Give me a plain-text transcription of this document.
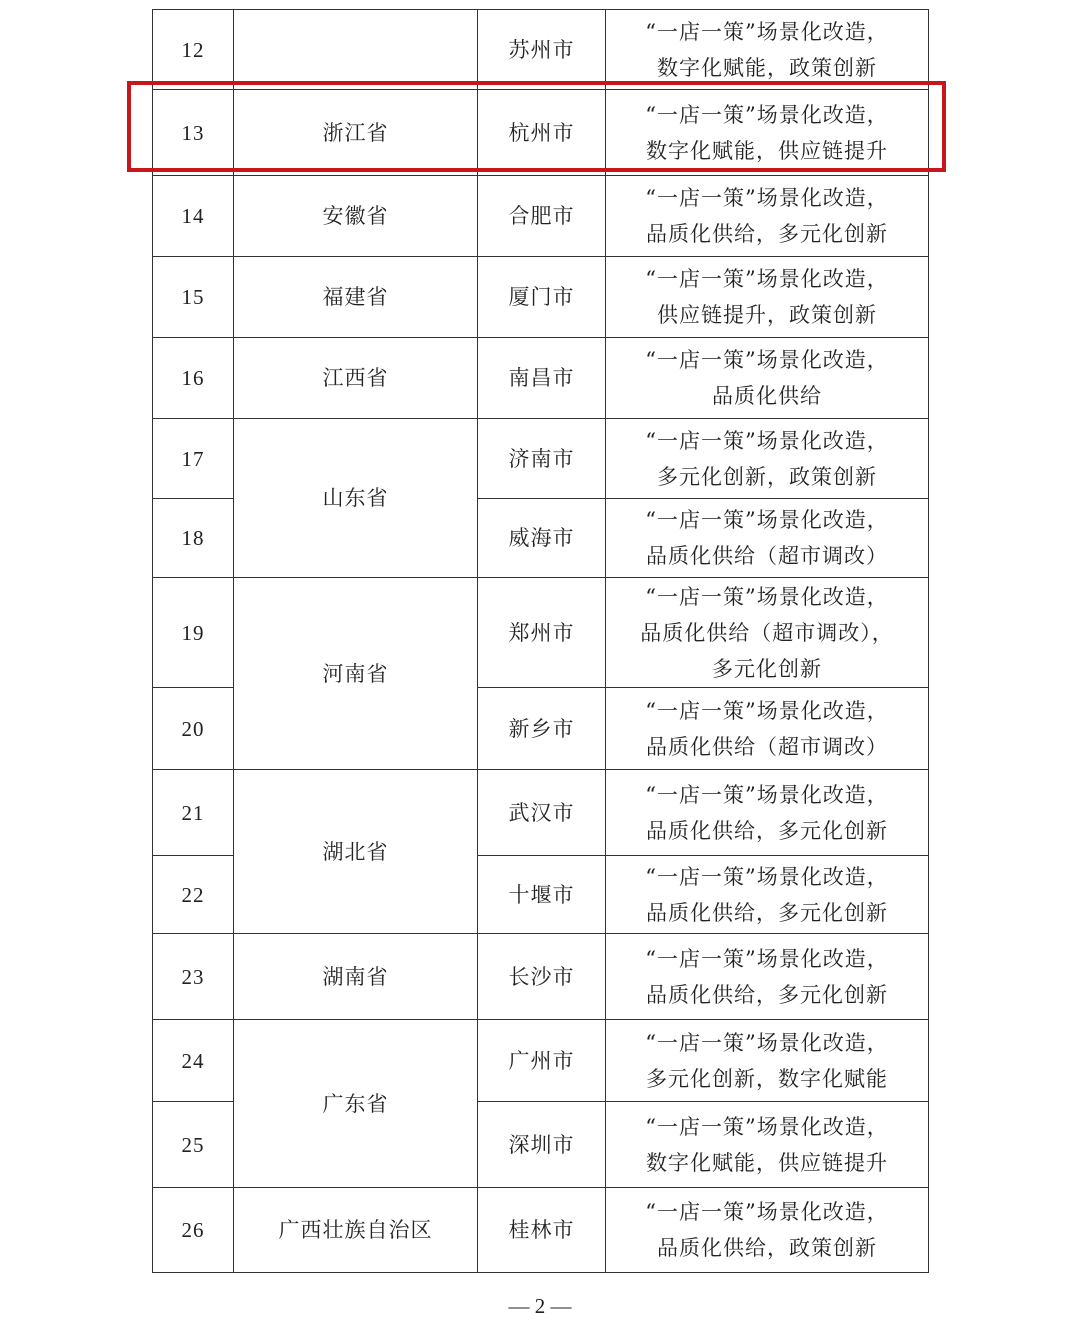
12		苏州市	“一店一策”场景化改造，
数字化赋能，政策创新
13	浙江省	杭州市	“一店一策”场景化改造，
数字化赋能，供应链提升
14	安徽省	合肥市	“一店一策”场景化改造，
品质化供给，多元化创新
15	福建省	厦门市	“一店一策”场景化改造，
供应链提升，政策创新
16	江西省	南昌市	“一店一策”场景化改造，
品质化供给
17	山东省	济南市	“一店一策”场景化改造，
多元化创新，政策创新
18		威海市	“一店一策”场景化改造，
品质化供给（超市调改）
19	河南省	郑州市	“一店一策”场景化改造，
品质化供给（超市调改），
多元化创新
20		新乡市	“一店一策”场景化改造，
品质化供给（超市调改）
21	湖北省	武汉市	“一店一策”场景化改造，
品质化供给，多元化创新
22		十堰市	“一店一策”场景化改造，
品质化供给，多元化创新
23	湖南省	长沙市	“一店一策”场景化改造，
品质化供给，多元化创新
24	广东省	广州市	“一店一策”场景化改造，
多元化创新，数字化赋能
25		深圳市	“一店一策”场景化改造，
数字化赋能，供应链提升
26	广西壮族自治区	桂林市	“一店一策”场景化改造，
品质化供给，政策创新
— 2 —
